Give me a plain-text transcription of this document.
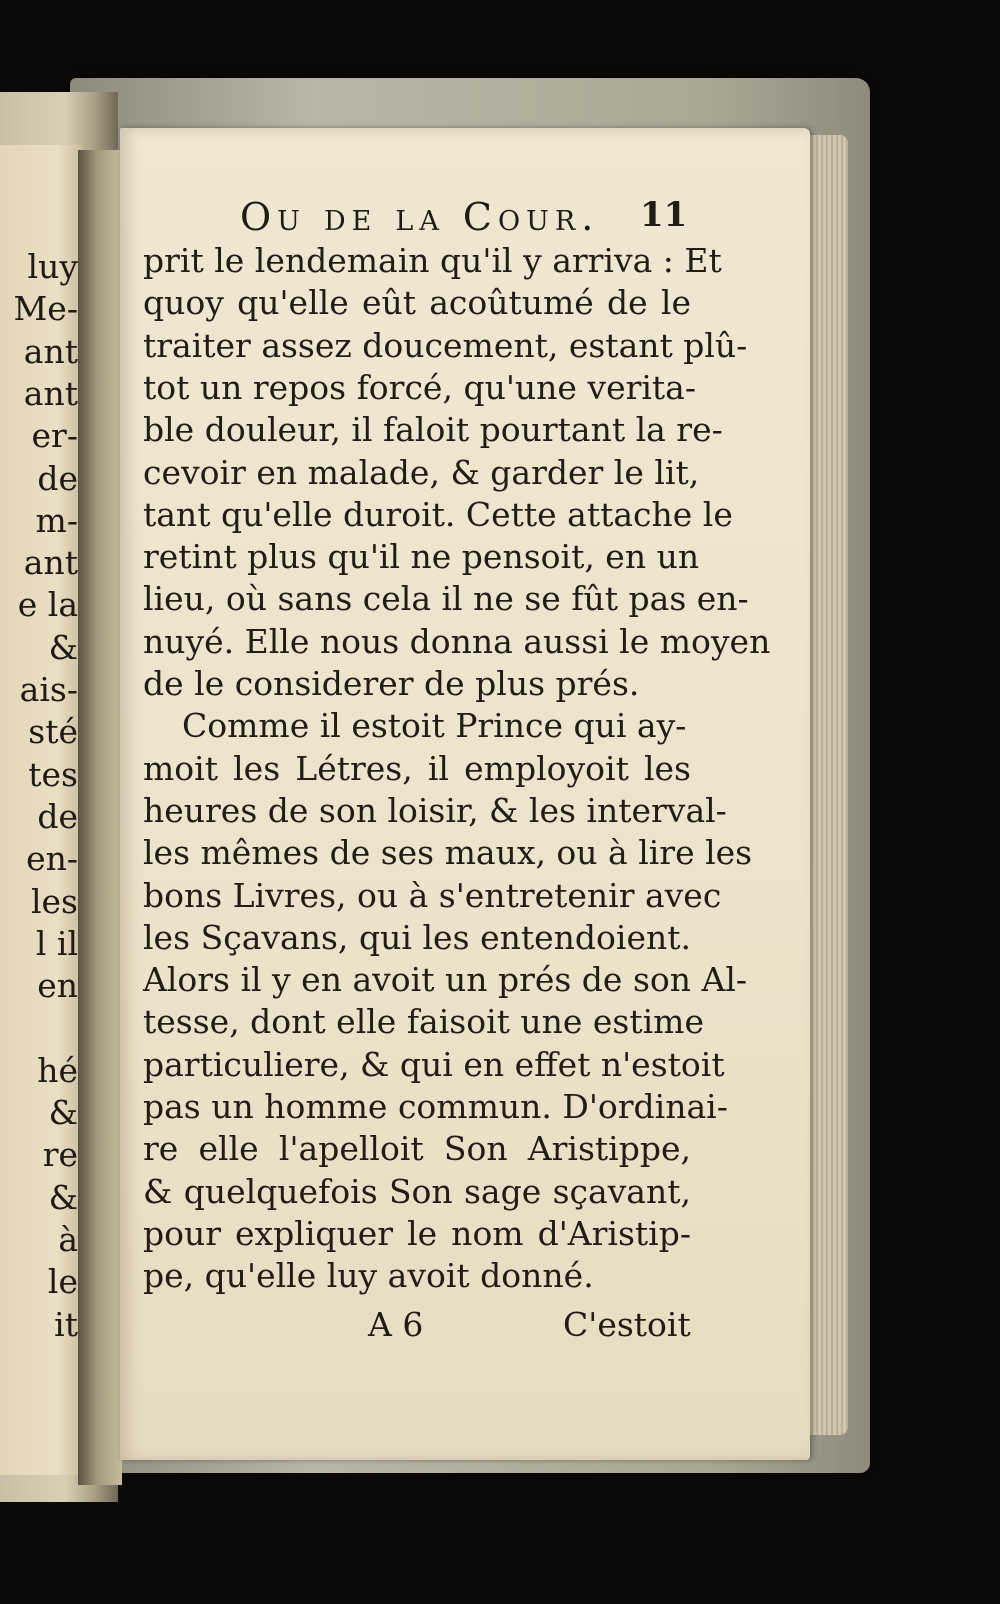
luy
Me-
ant
ant
er-
de
m-
ant
e la
&
ais-
sté
tes
de
en-
les
l il
en
hé
&
re
&
à
le
it
Ou de la Cour.	11
prit le lendemain qu'il y arriva : Et
quoy qu'elle eût acoûtumé de le
traiter assez doucement, estant plû-
tot un repos forcé, qu'une verita-
ble douleur, il faloit pourtant la re-
cevoir en malade, & garder le lit,
tant qu'elle duroit. Cette attache le
retint plus qu'il ne pensoit, en un
lieu, où sans cela il ne se fût pas en-
nuyé. Elle nous donna aussi le moyen
de le considerer de plus prés.
Comme il estoit Prince qui ay-
moit les Létres, il employoit les
heures de son loisir, & les interval-
les mêmes de ses maux, ou à lire les
bons Livres, ou à s'entretenir avec
les Sçavans, qui les entendoient.
Alors il y en avoit un prés de son Al-
tesse, dont elle faisoit une estime
particuliere, & qui en effet n'estoit
pas un homme commun. D'ordinai-
re elle l'apelloit Son Aristippe,
& quelquefois Son sage sçavant,
pour expliquer le nom d'Aristip-
pe, qu'elle luy avoit donné.
A 6	C'estoit
